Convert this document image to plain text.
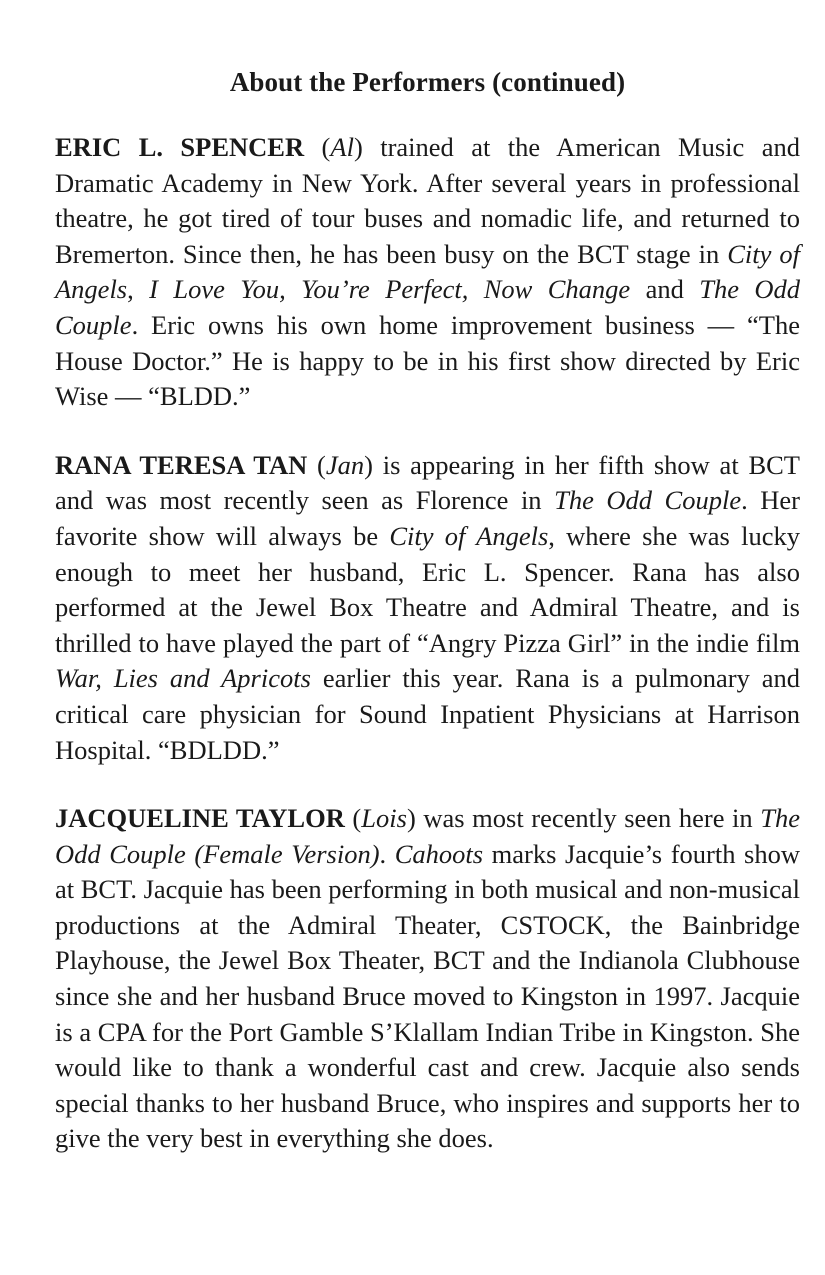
About the Performers (continued)

ERIC L. SPENCER (Al) trained at the American Music and Dramatic Academy in New York. After several years in professional theatre, he got tired of tour buses and nomadic life, and returned to Bremerton. Since then, he has been busy on the BCT stage in City of Angels, I Love You, You’re Perfect, Now Change and The Odd Couple. Eric owns his own home improvement business — “The House Doctor.” He is happy to be in his first show directed by Eric Wise — “BLDD.”

RANA TERESA TAN (Jan) is appearing in her fifth show at BCT and was most recently seen as Florence in The Odd Couple. Her favorite show will always be City of Angels, where she was lucky enough to meet her husband, Eric L. Spencer. Rana has also performed at the Jewel Box Theatre and Admiral Theatre, and is thrilled to have played the part of “Angry Pizza Girl” in the indie film War, Lies and Apricots earlier this year. Rana is a pulmonary and critical care physician for Sound Inpatient Physicians at Harrison Hospital. “BDLDD.”

JACQUELINE TAYLOR (Lois) was most recently seen here in The Odd Couple (Female Version). Cahoots marks Jacquie’s fourth show at BCT. Jacquie has been performing in both musical and non-musical productions at the Admiral Theater, CSTOCK, the Bainbridge Playhouse, the Jewel Box Theater, BCT and the Indianola Clubhouse since she and her husband Bruce moved to Kingston in 1997. Jacquie is a CPA for the Port Gamble S’Klallam Indian Tribe in Kingston. She would like to thank a wonderful cast and crew. Jacquie also sends special thanks to her husband Bruce, who inspires and supports her to give the very best in everything she does.
